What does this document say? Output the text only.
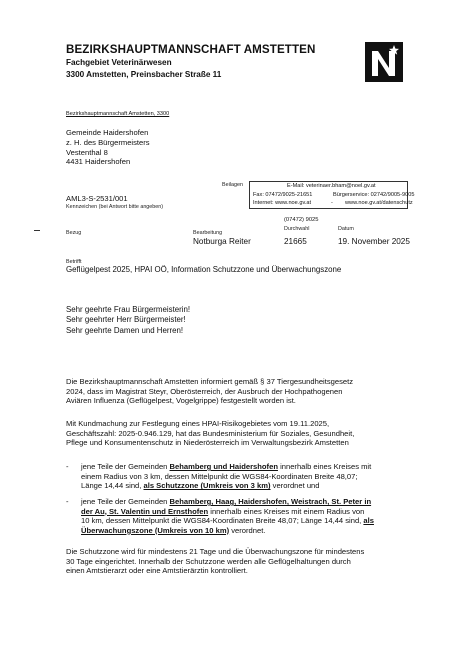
BEZIRKSHAUPTMANNSCHAFT AMSTETTEN
Fachgebiet Veterinärwesen
3300 Amstetten, Preinsbacher Straße 11
Bezirkshauptmannschaft Amstetten, 3300
Gemeinde Haidershofen
z. H. des Bürgermeisters
Vestenthal 8
4431 Haidershofen
Beilagen
AML3-S-2531/001
Kennzeichen (bei Antwort bitte angeben)
E-Mail: veterinaer.bham@noel.gv.at
Fax: 07472/9025-21651	Bürgerservice: 02742/9005-9005
Internet: www.noe.gv.at	- www.noe.gv.at/datenschutz
Bezug	Bearbeitung
(07472) 9025
Durchwahl	Datum
Notburga Reiter	21665	19. November 2025
Betrifft
Geflügelpest 2025, HPAI OÖ, Information Schutzzone und Überwachungszone
Sehr geehrte Frau Bürgermeisterin!
Sehr geehrter Herr Bürgermeister!
Sehr geehrte Damen und Herren!
Die Bezirkshauptmannschaft Amstetten informiert gemäß § 37 Tiergesundheitsgesetz
2024, dass im Magistrat Steyr, Oberösterreich, der Ausbruch der Hochpathogenen
Aviären Influenza (Geflügelpest, Vogelgrippe) festgestellt worden ist.
Mit Kundmachung zur Festlegung eines HPAI-Risikogebietes vom 19.11.2025,
Geschäftszahl: 2025-0.946.129, hat das Bundesministerium für Soziales, Gesundheit,
Pflege und Konsumentenschutz in Niederösterreich im Verwaltungsbezirk Amstetten
- jene Teile der Gemeinden Behamberg und Haidershofen innerhalb eines Kreises mit
einem Radius von 3 km, dessen Mittelpunkt die WGS84-Koordinaten Breite 48,07;
Länge 14,44 sind, als Schutzzone (Umkreis von 3 km) verordnet und
- jene Teile der Gemeinden Behamberg, Haag, Haidershofen, Weistrach, St. Peter in
der Au, St. Valentin und Ernsthofen innerhalb eines Kreises mit einem Radius von
10 km, dessen Mittelpunkt die WGS84-Koordinaten Breite 48,07; Länge 14,44 sind, als
Überwachungszone (Umkreis von 10 km) verordnet.
Die Schutzzone wird für mindestens 21 Tage und die Überwachungszone für mindestens
30 Tage eingerichtet. Innerhalb der Schutzzone werden alle Geflügelhaltungen durch
einen Amtstierarzt oder eine Amtstierärztin kontrolliert.
